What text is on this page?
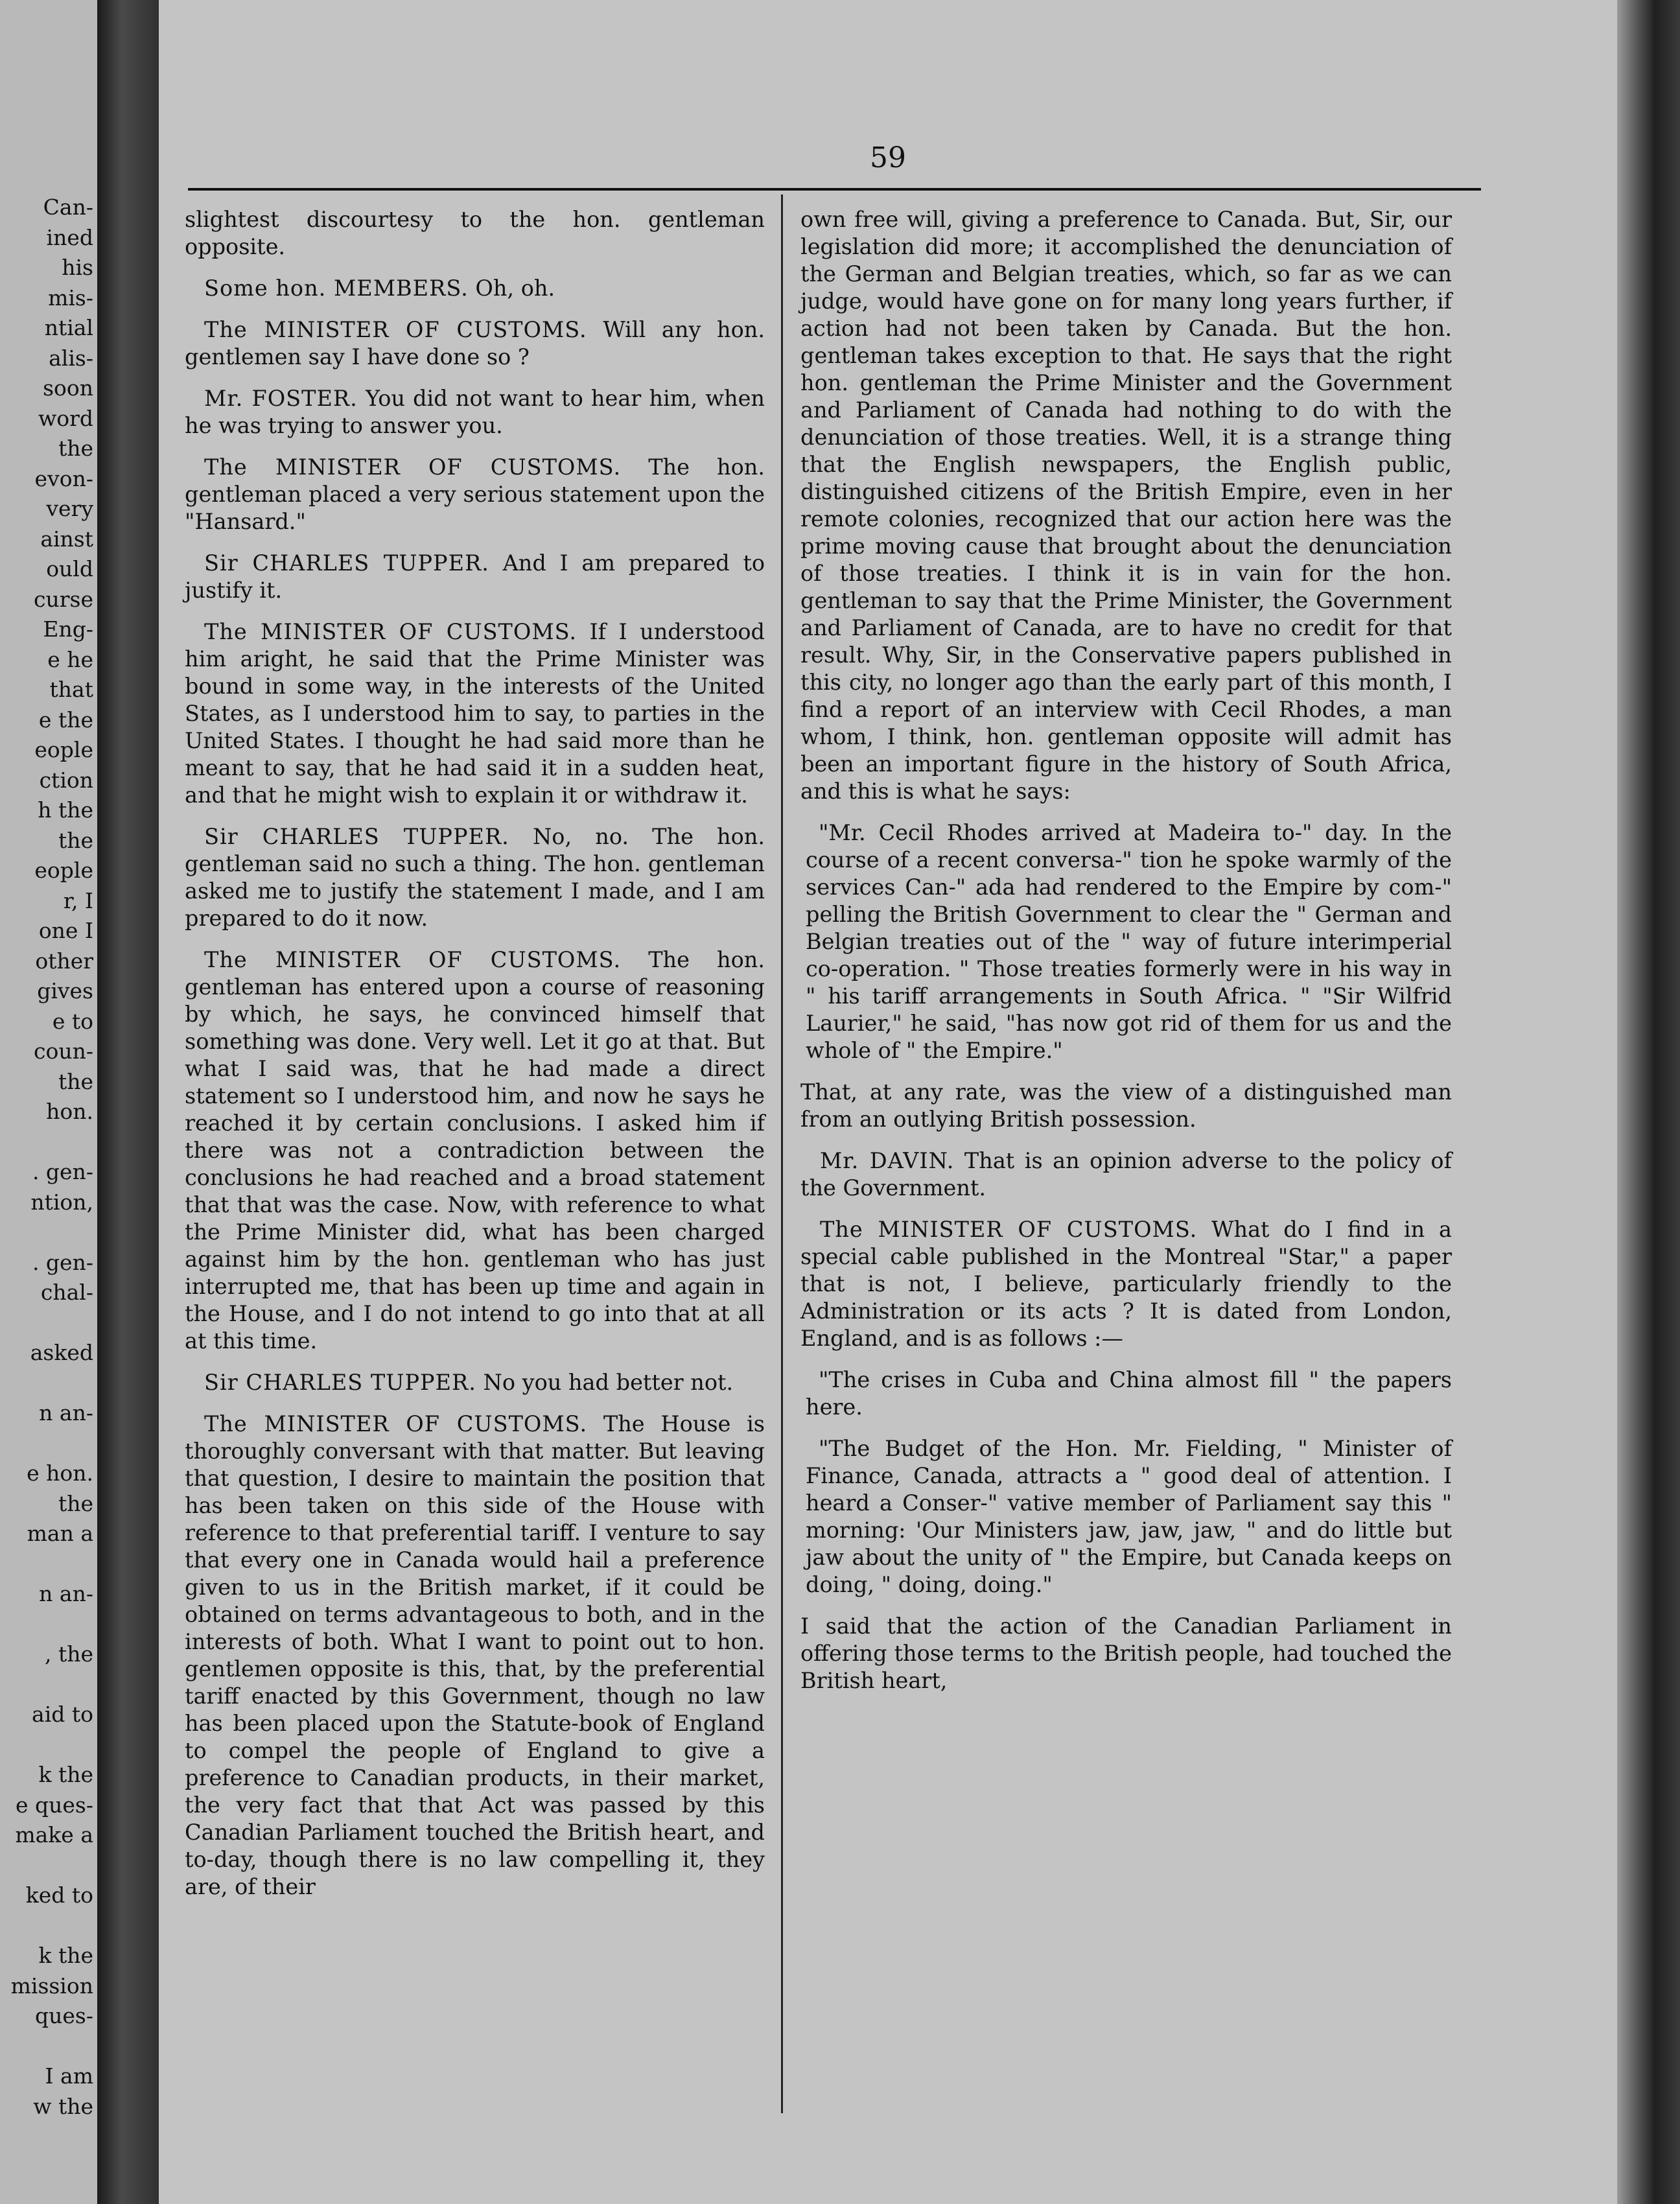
Can-
ined
his
mis-
ntial
alis-
soon
word
the
evon-
very
ainst
ould
curse
Eng-
e he
that
e the
eople
ction
h the
the
eople
r, I
one I
other
gives
e to
coun-
the
hon.
. gen-
ntion,
. gen-
chal-
asked
n an-
e hon.
the
man a
n an-
, the
aid to
k the
e ques-
make a
ked to
k the
mission
ques-
I am
w the
59

slightest discourtesy to the hon. gentleman opposite.

Some hon. MEMBERS. Oh, oh.

The MINISTER OF CUSTOMS. Will any hon. gentlemen say I have done so ?

Mr. FOSTER. You did not want to hear him, when he was trying to answer you.

The MINISTER OF CUSTOMS. The hon. gentleman placed a very serious statement upon the "Hansard."

Sir CHARLES TUPPER. And I am prepared to justify it.

The MINISTER OF CUSTOMS. If I understood him aright, he said that the Prime Minister was bound in some way, in the interests of the United States, as I understood him to say, to parties in the United States. I thought he had said more than he meant to say, that he had said it in a sudden heat, and that he might wish to explain it or withdraw it.

Sir CHARLES TUPPER. No, no. The hon. gentleman said no such a thing. The hon. gentleman asked me to justify the statement I made, and I am prepared to do it now.

The MINISTER OF CUSTOMS. The hon. gentleman has entered upon a course of reasoning by which, he says, he convinced himself that something was done. Very well. Let it go at that. But what I said was, that he had made a direct statement so I understood him, and now he says he reached it by certain conclusions. I asked him if there was not a contradiction between the conclusions he had reached and a broad statement that that was the case. Now, with reference to what the Prime Minister did, what has been charged against him by the hon. gentleman who has just interrupted me, that has been up time and again in the House, and I do not intend to go into that at all at this time.

Sir CHARLES TUPPER. No you had better not.

The MINISTER OF CUSTOMS. The House is thoroughly conversant with that matter. But leaving that question, I desire to maintain the position that has been taken on this side of the House with reference to that preferential tariff. I venture to say that every one in Canada would hail a preference given to us in the British market, if it could be obtained on terms advantageous to both, and in the interests of both. What I want to point out to hon. gentlemen opposite is this, that, by the preferential tariff enacted by this Government, though no law has been placed upon the Statute-book of England to compel the people of England to give a preference to Canadian products, in their market, the very fact that that Act was passed by this Canadian Parliament touched the British heart, and to-day, though there is no law compelling it, they are, of their

own free will, giving a preference to Canada. But, Sir, our legislation did more; it accomplished the denunciation of the German and Belgian treaties, which, so far as we can judge, would have gone on for many long years further, if action had not been taken by Canada. But the hon. gentleman takes exception to that. He says that the right hon. gentleman the Prime Minister and the Government and Parliament of Canada had nothing to do with the denunciation of those treaties. Well, it is a strange thing that the English newspapers, the English public, distinguished citizens of the British Empire, even in her remote colonies, recognized that our action here was the prime moving cause that brought about the denunciation of those treaties. I think it is in vain for the hon. gentleman to say that the Prime Minister, the Government and Parliament of Canada, are to have no credit for that result. Why, Sir, in the Conservative papers published in this city, no longer ago than the early part of this month, I find a report of an interview with Cecil Rhodes, a man whom, I think, hon. gentleman opposite will admit has been an important figure in the history of South Africa, and this is what he says:

"Mr. Cecil Rhodes arrived at Madeira to-" day. In the course of a recent conversa-" tion he spoke warmly of the services Can-" ada had rendered to the Empire by com-" pelling the British Government to clear the " German and Belgian treaties out of the " way of future interimperial co-operation. " Those treaties formerly were in his way in " his tariff arrangements in South Africa. " "Sir Wilfrid Laurier," he said, "has now got rid of them for us and the whole of " the Empire."

That, at any rate, was the view of a distinguished man from an outlying British possession.

Mr. DAVIN. That is an opinion adverse to the policy of the Government.

The MINISTER OF CUSTOMS. What do I find in a special cable published in the Montreal "Star," a paper that is not, I believe, particularly friendly to the Administration or its acts ? It is dated from London, England, and is as follows :—

"The crises in Cuba and China almost fill " the papers here.

"The Budget of the Hon. Mr. Fielding, " Minister of Finance, Canada, attracts a " good deal of attention. I heard a Conser-" vative member of Parliament say this " morning: 'Our Ministers jaw, jaw, jaw, " and do little but jaw about the unity of " the Empire, but Canada keeps on doing, " doing, doing."

I said that the action of the Canadian Parliament in offering those terms to the British people, had touched the British heart,
